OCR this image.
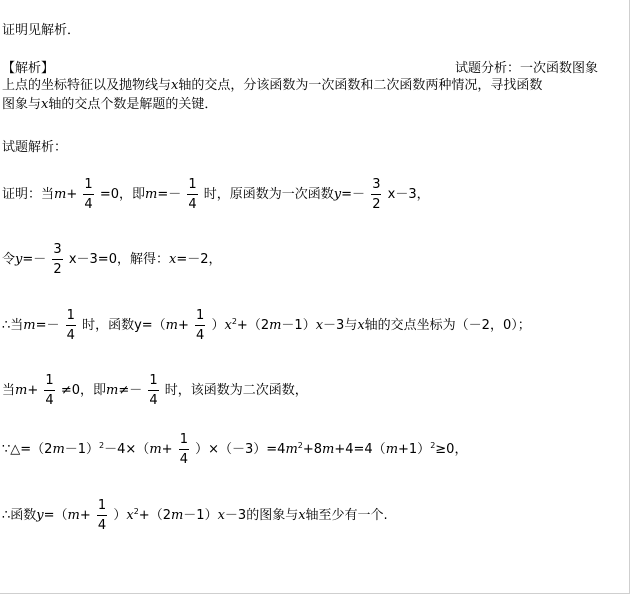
证明见解析．
【解析】	试题分析：一次函数图象
上点的坐标特征以及抛物线与x轴的交点，分该函数为一次函数和二次函数两种情况，寻找函数
图象与x轴的交点个数是解题的关键．
试题解析：
证明：当$m+ \frac{1}{4} =0$，即$m=- \frac{1}{4}$ 时，原函数为一次函数$y=- \frac{3}{2} x-3$，
令$y=- \frac{3}{2} x-3=0$，解得：x=－2，
∴当$m=- \frac{1}{4}$ 时，函数$y=(m+ \frac{1}{4} )x^2+(2m-1)x-3$与x轴的交点坐标为（－2，0）；
当$m+ \frac{1}{4} \ne 0$，即$m\ne- \frac{1}{4}$ 时，该函数为二次函数，
$\because\triangle=(2m-1)^2-4\times(m+ \frac{1}{4} )\times(-3)=4m^2+8m+4=4(m+1)^2\ge 0$，
∴函数$y=(m+ \frac{1}{4} )x^2+(2m-1)x-3$的图象与x轴至少有一个.
